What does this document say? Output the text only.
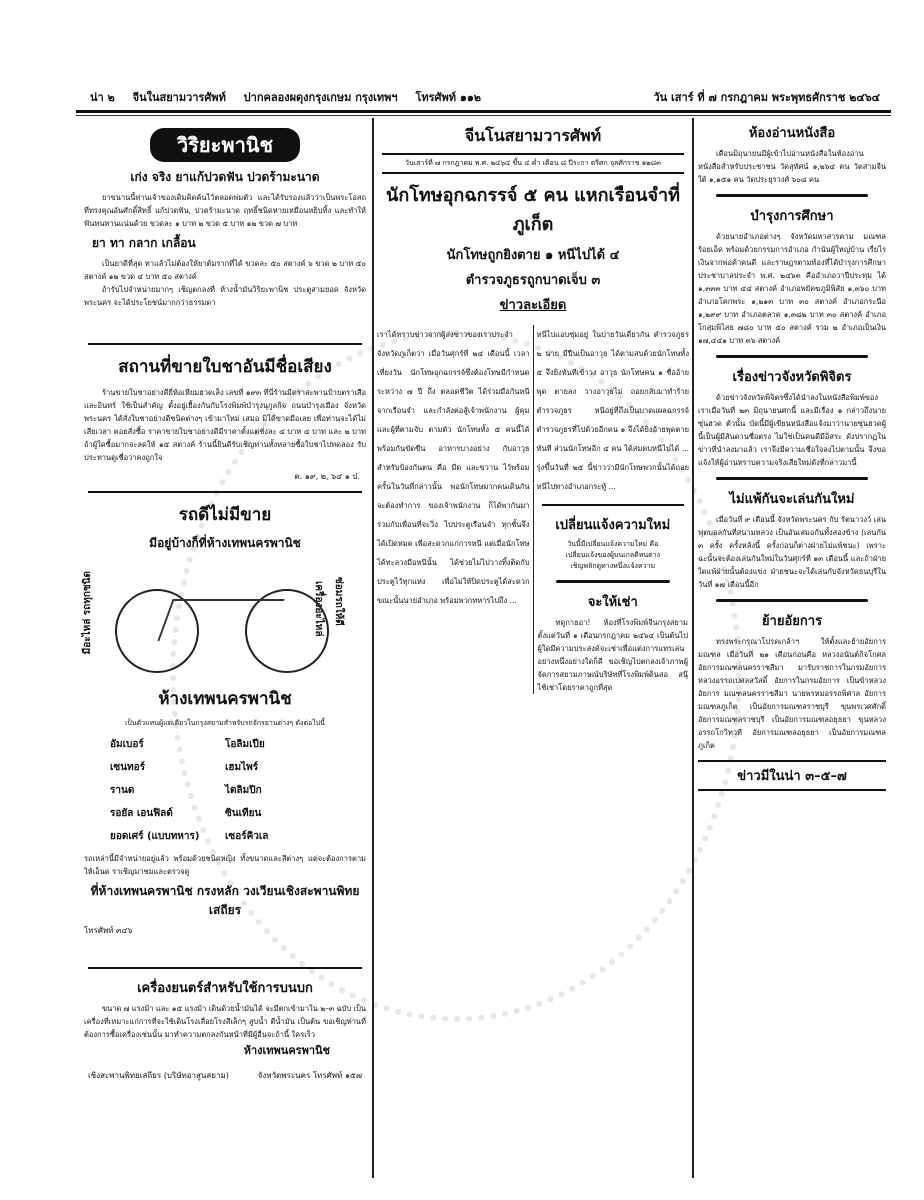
น่า ๒ จีนในสยามวารศัพท์ ปากคลองผดุงกรุงเกษม กรุงเทพฯ โทรศัพท์ ๑๑๒	วัน เสาร์ ที่ ๗ กรกฎาคม พระพุทธศักราช ๒๔๖๔
วิริยะพานิช
เก่ง จริง ยาแก้ปวดฟัน ปวดร้ามะนาด

ยาขนานนี้ท่านเจ้าของเดิมคิดค้นไว้ตลอดพ่มตัว และได้รับรองแล้วว่าเป็นพระโอสถที่ทรงคุณอันศักดิ์สิทธิ์ แก้ปวดฟัน, ปวดร้ามะนาด ฤทธิ์ชนิดหายเหมือนหยิบทิ้ง และทำให้ฟันทนทานแน่นด้วย ขวดละ ๑ บาท ๒ ขวด ๕ บาท ๑๒ ขวด ๗ บาท

ยา ทา กลาก เกลื้อน

เป็นยาดีที่สุด ทาแล้วไม่ต้องให้ยาต้มรากที่ได้ ขวดละ ๕๐ สตางค์ ๖ ขวด ๒ บาท ๕๐ สตางค์ ๑๒ ขวด ๔ บาท ๕๐ สตางค์

ถ้ารับไปจำหน่ายมากๆ เชิญตกลงที่ ห้างน้ำมันวิริยะพานิช ประตูสามยอด จังหวัดพระนคร จะได้ประโยชน์มากกว่าธรรมดา

สถานที่ขายใบชาอันมีชื่อเสียง

ร้านขายใบชาอย่างดียี่ห้อเหียมฮวดเส็ง เลขที่ ๑๙๓ ที่นี่ร้านมีตราสะพานป้ายตราเสือและอินทร์ ใช้เป็นสำคัญ ตั้งอยู่เยื้องกันกับโรงพิมพ์บำรุงนุกูลกิจ ถนนบำรุงเมือง จังหวัดพระนคร ได้สั่งใบชาอย่างดีชนิดต่างๆ เข้ามาใหม่ เสมอ มิได้ขาดมือเลย เพื่อท่านจะได้ไม่เสียเวลา คอยสั่งซื้อ ราคาขายใบชาอย่างดีมีราคาตั้งแต่ชั่งละ ๔ บาท ๔ บาท และ ๒ บาท ถ้าผู้ใดซื้อมากจะลดให้ ๑๕ สตางค์ ร้านนี้ยินดีรับเชิญท่านทั้งหลายซื้อใบชาไปทดลอง รับประทานดูเชื่อว่าคงถูกใจ

ต. ๑๙, ๒, ๖๔ ๑ ป.
รถดีไม่มีขาย
มีอยู่บ้างก็ที่ห้างเทพนครพานิช
มีอะไหล่ รถทุกชนิด	เครื่องอะไหล่ ซ่อมรถให้ดี
ห้างเทพนครพานิช
เป็นตัวแทนผู้แต่เดียวในกรุงสยามสำหรับรถจักรยานต่างๆ ดังต่อไปนี้
อัมเบอร์	โอลิมเปีย
เซนทอร์	เฮมไพร์
รานด	ไตลิมปิก
รอยัล เอนฟิลด์	ซินเทียน
ยอดเศร์ (แบบทหาร)	เซอร์คิวเล

รถเหล่านี้มีจำหน่ายอยู่แล้ว พร้อมด้วยชนิดหญิง ทั้งขนาดและสีต่างๆ แต่จะต้องการตามให้เอ็นด ราเชิญมาชมและตรวจดู

ที่ห้างเทพนครพานิช กรงหลัก วงเวียนเชิงสะพานพิทยเสถียร
โทรศัพท์ ๓๔๖
เครื่องยนตร์สำหรับใช้การบนบก

ขนาด ๗ แรงม้า และ ๑๕ แรงม้า เดินด้วยน้ำมันได้ จะมีตกเข้ามาใน ๒–๓ ฉบับ เป็นเครื่องที่เหมาะแก่การที่จะใช้เดินโรงเลื่อยโรงสีเล็กๆ สูบน้ำ ตีน้ำมัน เป็นต้น ขอเชิญท่านที่ต้องการซื้อเครื่องเช่นนั้น มาทำความตกลงกันหน้าที่มีผู้อื่นจะถ้านี้ ใครเร็ว

ห้างเทพนครพานิช
เชิงสะพานพิทยเสถียร (บริษัทอาสูนสยาม)	จังหวัดพระนคร โทรศัพท์ ๑๕๗
จีนโนสยามวารศัพท์
วันเสาร์ที่ ๗ กรกฎาคม พ.ศ. ๒๔๖๔ ขึ้น ๔ ค่ำ เดือน ๘ ปีระกา ตรีศก จุลศักราช ๑๒๘๓
นักโทษอุกฉกรรจ์ ๕ คน แหกเรือนจำที่ภูเก็ต
นักโทษถูกยิงตาย ๑ หนีไปได้ ๔
ตำรวจภูธรถูกบาดเจ็บ ๓
ข่าวละเอียด

เราได้ทราบข่าวจากผู้ส่งข่าวของเราประจำจังหวัดภูเก็ตว่า เมื่อวันศุกร์ที่ ๒๔ เดือนนี้ เวลาเที่ยงวัน นักโทษอุกฉกรรจ์ซึ่งต้องโทษมีกำหนด ระหว่าง ๗ ปี ถึง ตลอดชีวิต ได้ร่วมมือกันหนีจากเรือนจำ และกำลังต่อสู้เจ้าพนักงาน ผู้คุมและผู้ที่ตามจับ ตามตัว นักโทษทั้ง ๕ คนนี้ได้พร้อมกันขัดขืน อาหารบางอย่าง กับอาวุธสำหรับป้องกันตน คือ มีด และขวาน ไว้พร้อม ครั้นในวันที่กล่าวนั้น พอนักโทษมากคนเดินกันจะต้องทำการ ของเจ้าพนักงาน ก็ได้พากันมาร่วมกับเพื่อนที่จะวิ่ง ไปประตูเรือนจำ ทุกชั้นจึงได้เปิดหมด เพื่อสะดวกแก่การหนี แต่เมื่อนักโทษได้ทะลวงมือหนีนั้น ได้ช่วยไม่ไปวางทิ้งติดกับประตูไว้ทุกแห่ง เพื่อไม่ให้ปิดประตูได้สะดวก ขณะนั้นนายอำเภอ พร้อมพวกทหารไปถึง ...

หนีไปแอบซุ่มอยู่ ในบ่ายวันเดียวกัน ตำรวจภูธร ๒ นาย มีปืนเป็นอาวุธ ได้ตามสบด้วยนักโทษทั้ง ๕ จึงยิงทันทีเข้าวง อาวุธ นักโทษคน ๑ ชื่ออ้ายพุด ตายลง วางอาวุธไม่ ถอยกลับมาทำร้ายตำรวจภูธร หนีอยู่ที่ถึงเป็นบาดแผลฉกรรจ์ ตำรวจภูธรที่ไปด้วยอีกคน ๑ จึงได้ยิงอ้ายพุดตายทันที ส่วนนักโทษอีก ๔ คน ได้สมคบหนีไปได้ ... รุ่งขึ้นวันที่ ๒๕ นี้ข่าวว่ามีนักโทษพวกนั้นได้ถอยหนีไปทางอำเภอกระทู้ ...

เปลี่ยนแจ้งความใหม่
วันนี้มีเปลี่ยนแจ้งความใหม่ คือ
เปลี่ยนแจ้งของผู้บนเกลดีทนต่าง
เชิญพลิกดูทางหนึ่งแจ้งความ
จะให้เช่า

ทดูกาธอา! ห้องที่โรงพิมพ์จีนกรุงสยาม ตั้งแต่วันที่ ๑ เดือนกรกฎาคม ๒๔๖๔ เป็นต้นไป ผู้ใดมีความประสงค์จะเช่าเพื่อแต่งการแทรเล่นอย่างหนึ่งอย่างใดก็ดี ขอเชิญไปตกลงเจ้าภาพผู้จัดการสยามภาษณ์บริษัทที่โรงพิมพ์ดินสอ สนุ๊ไช้เช่าโดยราคาถูกที่สุด

ห้องอ่านหนังสือ

เดือนมิถุนายนมีผู้เข้าไปอ่านหนังสือในห้องอ่านหนังสือสำหรับประชาชน วัดสุทัศน์ ๑,๒๖๔ คน วัดสามจีนใต้ ๑,๑๕๑ คน วัดประยุรวงศ์ ๖๐๘ คน

บำรุงการศึกษา

ด้วยนายอำเภอต่างๆ จังหวัดมหาสารคาม มณฑลร้อยเอ็ด พร้อมด้วยกรรมการอำเภอ กำนันผู้ใหญ่บ้าน เรี่ยไรเงินจากพ่อค้าคนดี และราษฎรตามท้องที่ได้บำรุงการศึกษาประชาบาลประจำ พ.ศ. ๒๔๖๓ คืออำเภอวาปีประทุม ได้ ๑,๓๓๓ บาท ๔๔ สตางค์ อำเภอพยัคฆภูมิพิสัย ๑,๓๖๐ บาท อำเภอโคกพระ ๑,๒๑๓ บาท ๓๐ สตางค์ อำเภอกระนือ ๑,๒๙๙ บาท อำเภอตลาด ๑,๓๘๒ บาท ๓๐ สตางค์ อำเภอโกสุมพิไสย ๗๘๐ บาท ๕๐ สตางค์ รวม ๒ อำเภอเป็นเงิน ๑๗,๔๔๑ บาท ๓๖ สตางค์

เรื่องข่าวจังหวัดพิจิตร

ด้วยข่าวจังหวัดพิจิตรซึ่งได้นำลงในหนังสือพิมพ์ของเราเมื่อวันที่ ๒๓ มิถุนายนศกนี้ และมีเรื่อง ๑ กล่าวถึงนายซุ่นฮวด ตัวนั้น บัดนี้มีผู้เขียนหนังสือแจ้งมาว่านายซุ่นฮวดผู้นี้เป็นผู้มีสันดานซื่อตรง ไม่ใช่เป็นคนดีมีอิสระ ดังปรากฏในข่าวที่นำลงมาแล้ว เราจึงมีความเชื่อใจลงไปตามนั้น จึงขอแจ้งให้ผู้อ่านทราบความจริงเสียใหม่ดังที่กล่าวมานี้

ไม่แพ้กันจะเล่นกันใหม่

เมื่อวันที่ ๙ เดือนนี้ จังหวัดพระนคร กับ รัตนาวงว์ เล่นฟุตบอลกันที่สนามหลวง เป็นอันเสมอกันทั้งสองข้าง (เล่นกัน ๓ ครั้ง ครั้งหลังนี้ ครั้งก่อนก็ต่างฝ่ายไม่แพ้ชนะ) เพราะฉะนั้นจะต้องเล่นกันใหม่ในวันศุกร์ที่ ๑๓ เดือนนี้ และถ้าฝ่ายใดแพ้ฝ่ายนั้นต้องแข่ง ฝ่ายชนะจะได้เล่นกับจังหวัดธนบุรีในวันที่ ๑๗ เดือนนี้อีก

ย้ายอัยการ

ทรงพระกรุณาโปรดเกล้าฯ ให้ตั้งและย้ายอัยการ มณฑล เมื่อวันที่ ๒๑ เดือนก่อนคือ หลวงอนันต์กิจโกศล อัยการมณฑลนครราชสีมา มารับราชการในกรมอัยการ หลวงอรรถเปศลสวัสดิ์ อัยการในกรมอัยการ เป็นข้าหลวงอัยการ มณฑลนครราชสีมา นายพรหมอรรถพิศาล อัยการมณฑลภูเก็ต เป็นอัยการมณฑลราชบุรี ขุนพรเวศศักดิ์ อัยการมณฑลราชบุรี เป็นอัยการมณฑลอยุธยา ขุนหลวงอรรถโกวิทวที อัยการมณฑลอยุธยา เป็นอัยการมณฑลภูเก็ต

ข่าวมีในน่า ๓–๕–๗
